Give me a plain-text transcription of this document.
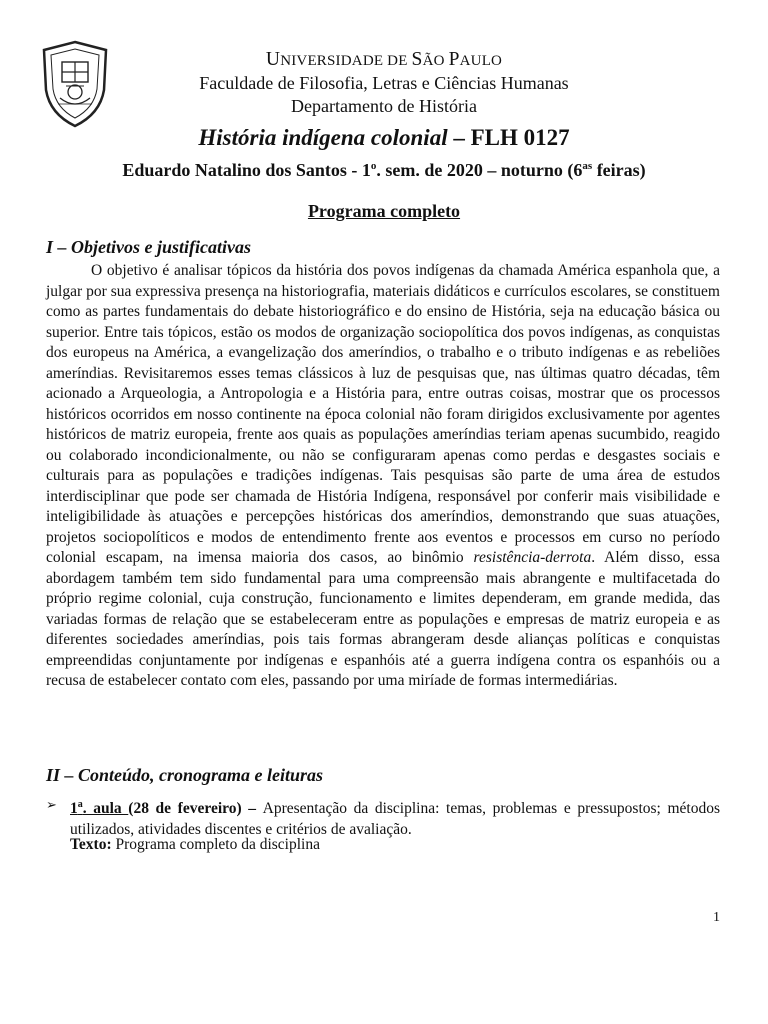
UNIVERSIDADE DE SÃO PAULO
Faculdade de Filosofia, Letras e Ciências Humanas
Departamento de História
História indígena colonial – FLH 0127
Eduardo Natalino dos Santos - 1$^o$. sem. de 2020 – noturno ($6^{as}$ feiras)
Programa completo
I – Objetivos e justificativas
O objetivo é analisar tópicos da história dos povos indígenas da chamada América espanhola que, a julgar por sua expressiva presença na historiografia, materiais didáticos e currículos escolares, se constituem como as partes fundamentais do debate historiográfico e do ensino de História, seja na educação básica ou superior. Entre tais tópicos, estão os modos de organização sociopolítica dos povos indígenas, as conquistas dos europeus na América, a evangelização dos ameríndios, o trabalho e o tributo indígenas e as rebeliões ameríndias. Revisitaremos esses temas clássicos à luz de pesquisas que, nas últimas quatro décadas, têm acionado a Arqueologia, a Antropologia e a História para, entre outras coisas, mostrar que os processos históricos ocorridos em nosso continente na época colonial não foram dirigidos exclusivamente por agentes históricos de matriz europeia, frente aos quais as populações ameríndias teriam apenas sucumbido, reagido ou colaborado incondicionalmente, ou não se configuraram apenas como perdas e desgastes sociais e culturais para as populações e tradições indígenas. Tais pesquisas são parte de uma área de estudos interdisciplinar que pode ser chamada de História Indígena, responsável por conferir mais visibilidade e inteligibilidade às atuações e percepções históricas dos ameríndios, demonstrando que suas atuações, projetos sociopolíticos e modos de entendimento frente aos eventos e processos em curso no período colonial escapam, na imensa maioria dos casos, ao binômio resistência-derrota. Além disso, essa abordagem também tem sido fundamental para uma compreensão mais abrangente e multifacetada do próprio regime colonial, cuja construção, funcionamento e limites dependeram, em grande medida, das variadas formas de relação que se estabeleceram entre as populações e empresas de matriz europeia e as diferentes sociedades ameríndias, pois tais formas abrangeram desde alianças políticas e conquistas empreendidas conjuntamente por indígenas e espanhóis até a guerra indígena contra os espanhóis ou a recusa de estabelecer contato com eles, passando por uma miríade de formas intermediárias.
II – Conteúdo, cronograma e leituras
➢ 1$^a$. aula (28 de fevereiro) – Apresentação da disciplina: temas, problemas e pressupostos; métodos utilizados, atividades discentes e critérios de avaliação.
Texto: Programa completo da disciplina
1
